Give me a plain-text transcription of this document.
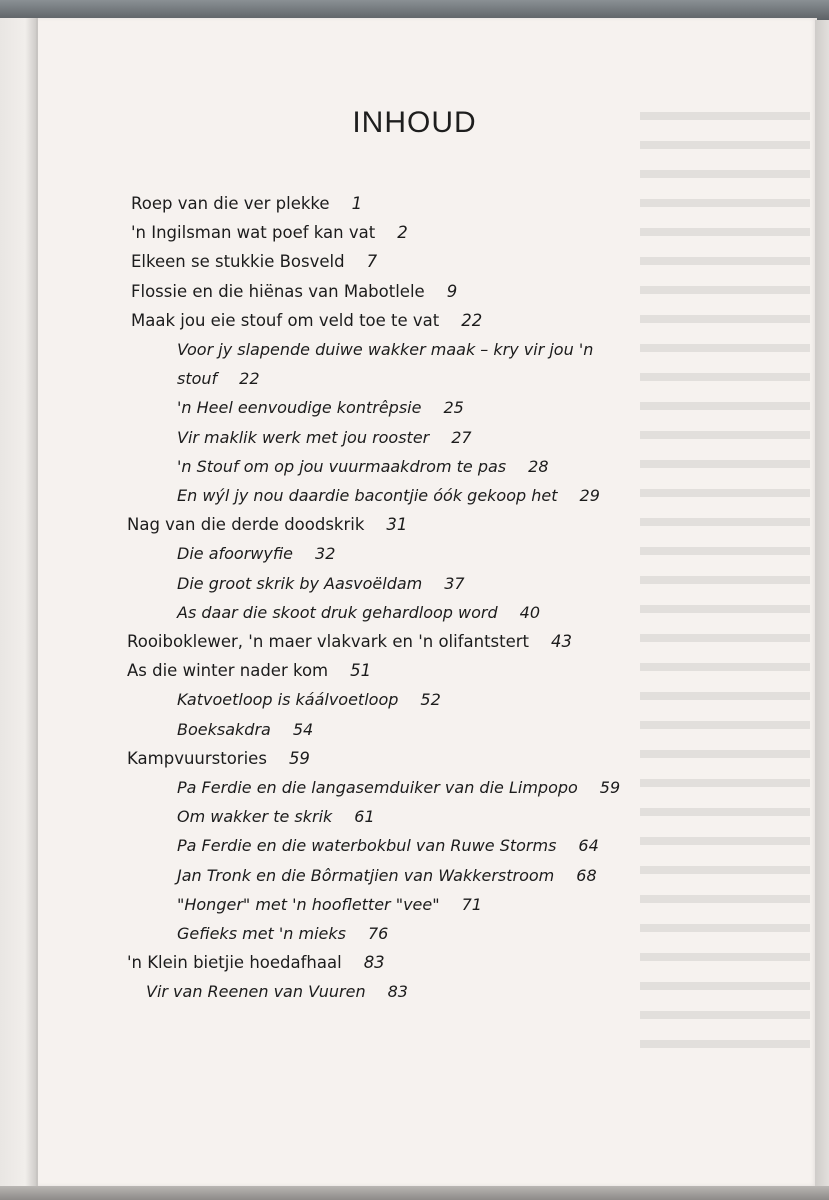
INHOUD
Roep van die ver plekke 1
'n Ingilsman wat poef kan vat 2
Elkeen se stukkie Bosveld 7
Flossie en die hiënas van Mabotlele 9
Maak jou eie stouf om veld toe te vat 22
Voor jy slapende duiwe wakker maak – kry vir jou 'n
stouf 22
'n Heel eenvoudige kontrêpsie 25
Vir maklik werk met jou rooster 27
'n Stouf om op jou vuurmaakdrom te pas 28
En wýl jy nou daardie bacontjie óók gekoop het 29
Nag van die derde doodskrik 31
Die afoorwyfie 32
Die groot skrik by Aasvoëldam 37
As daar die skoot druk gehardloop word 40
Rooiboklewer, 'n maer vlakvark en 'n olifantstert 43
As die winter nader kom 51
Katvoetloop is káálvoetloop 52
Boeksakdra 54
Kampvuurstories 59
Pa Ferdie en die langasemduiker van die Limpopo 59
Om wakker te skrik 61
Pa Ferdie en die waterbokbul van Ruwe Storms 64
Jan Tronk en die Bôrmatjien van Wakkerstroom 68
"Honger" met 'n hoofletter "vee" 71
Gefieks met 'n mieks 76
'n Klein bietjie hoedafhaal 83
Vir van Reenen van Vuuren 83
